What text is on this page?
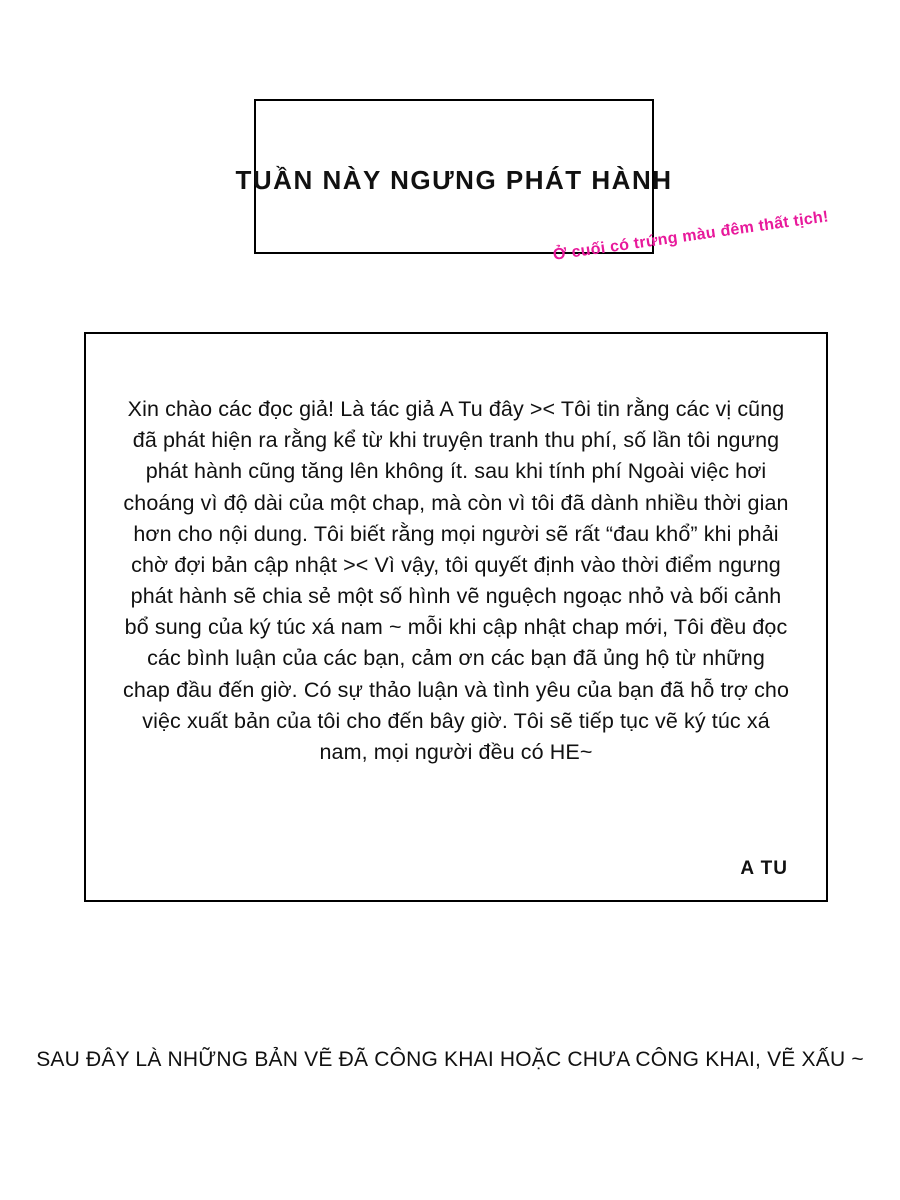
TUẦN NÀY NGƯNG PHÁT HÀNH
Ở cuối có trứng màu đêm thất tịch!

Xin chào các đọc giả! Là tác giả A Tu đây >< Tôi tin rằng các vị cũng đã phát hiện ra rằng kể từ khi truyện tranh thu phí, số lần tôi ngưng phát hành cũng tăng lên không ít. sau khi tính phí Ngoài việc hơi choáng vì độ dài của một chap, mà còn vì tôi đã dành nhiều thời gian hơn cho nội dung. Tôi biết rằng mọi người sẽ rất “đau khổ” khi phải chờ đợi bản cập nhật >< Vì vậy, tôi quyết định vào thời điểm ngưng phát hành sẽ chia sẻ một số hình vẽ nguệch ngoạc nhỏ và bối cảnh bổ sung của ký túc xá nam ~ mỗi khi cập nhật chap mới, Tôi đều đọc các bình luận của các bạn, cảm ơn các bạn đã ủng hộ từ những chap đầu đến giờ. Có sự thảo luận và tình yêu của bạn đã hỗ trợ cho việc xuất bản của tôi cho đến bây giờ. Tôi sẽ tiếp tục vẽ ký túc xá nam, mọi người đều có HE~

A TU
SAU ĐÂY LÀ NHỮNG BẢN VẼ ĐÃ CÔNG KHAI HOẶC CHƯA CÔNG KHAI, VẼ XẤU ~
